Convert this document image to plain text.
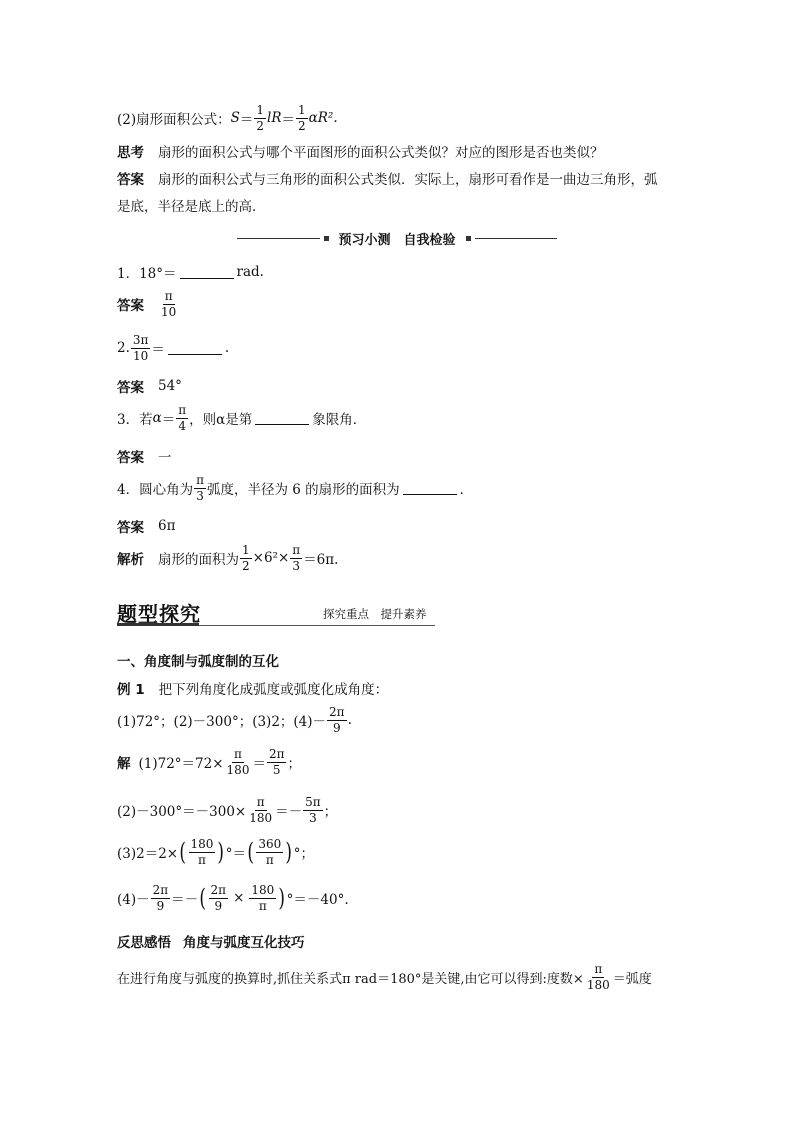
(2)扇形面积公式： $S = \frac{1}{2}$ lR ＝ $\frac{1}{2} \alpha R^2$.
思考 扇形的面积公式与哪个平面图形的面积公式类似？对应的图形是否也类似？
答案 扇形的面积公式与三角形的面积公式类似．实际上，扇形可看作是一曲边三角形，弧
是底，半径是底上的高．
预习小测　自我检验
1．18°＝	rad.
答案 $\frac{\pi}{10}$
2. $\frac{3\pi}{10}$ ＝	.
答案 54°
3．若 $\alpha = \frac{\pi}{4}$ ，则α是第	象限角．
答案 一
4．圆心角为 $\frac{\pi}{3}$ 弧度，半径为 6 的扇形的面积为	．
答案 6π
解析 扇形的面积为 $\frac{1}{2} \times 6^2\times \frac{\pi}{3} =6\pi$.
题型探究	探究重点　提升素养
一、角度制与弧度制的互化
例 1 把下列角度化成弧度或弧度化成角度：
(1)72°；(2)－300°；(3)2；$(4)- \frac{2\pi}{9}$ .
解 $(1)72^\circ=72\times \frac{\pi}{180} = \frac{2\pi}{5}$ ；
$(2)-300^\circ=-300\times \frac{\pi}{180} =- \frac{5\pi}{3}$ ；
(3)2＝2× ( $\frac{180}{\pi}$ ) °＝ ( $\frac{360}{\pi}$ ) °；
$(4)- \frac{2\pi}{9}$ ＝－ ( $\frac{2\pi}{9} \times \frac{180}{\pi}$ ) °＝－40°.
反思感悟 角度与弧度互化技巧
在进行角度与弧度的换算时,抓住关系式π rad＝180°是关键,由它可以得到:度数× $\frac{\pi}{180}$ ＝弧度
